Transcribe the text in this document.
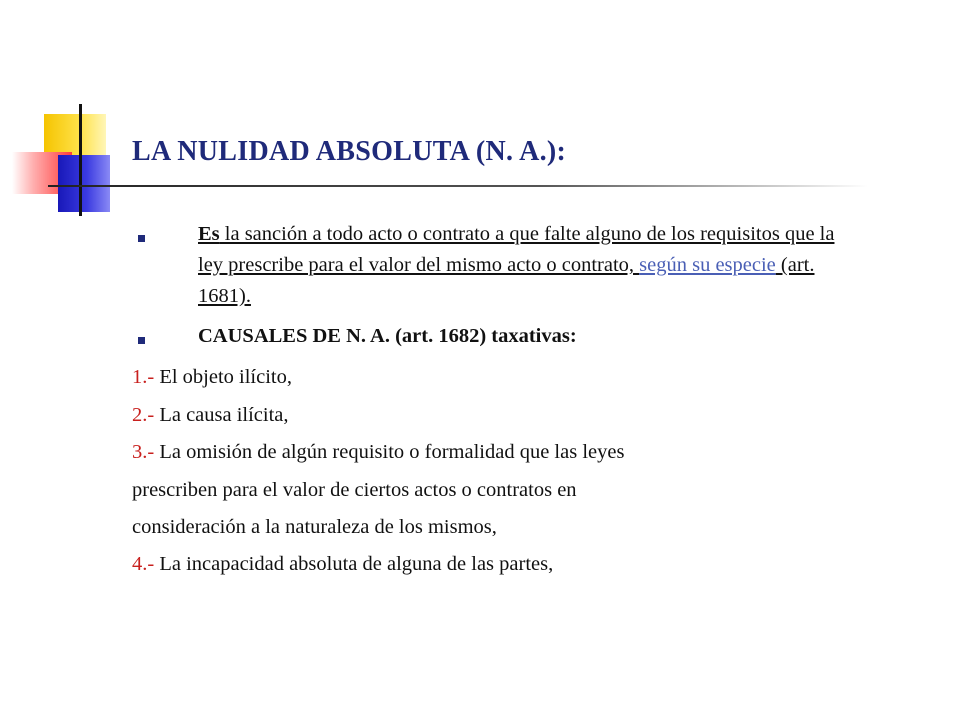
LA NULIDAD ABSOLUTA (N. A.):
Es la sanción a todo acto o contrato a que falte alguno de los requisitos que la ley prescribe para el valor del mismo acto o contrato, según su especie (art. 1681).
CAUSALES DE N. A. (art. 1682) taxativas:
1.- El objeto ilícito,
2.- La causa ilícita,
3.- La omisión de algún requisito o formalidad que las leyes
prescriben para el valor de ciertos actos o contratos en
consideración a la naturaleza de los mismos,
4.- La incapacidad absoluta de alguna de las partes,
